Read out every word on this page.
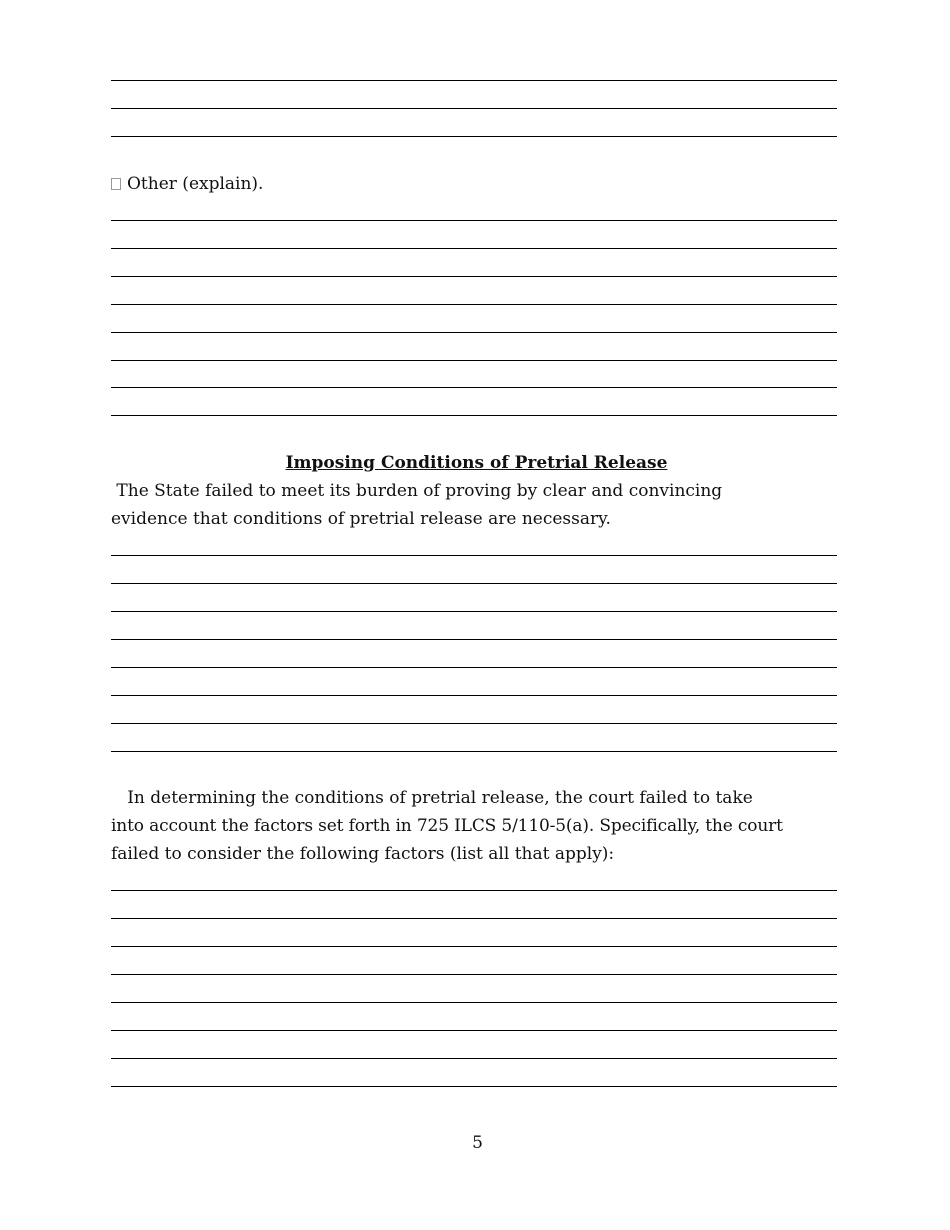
Other (explain).
Imposing Conditions of Pretrial Release
The State failed to meet its burden of proving by clear and convincing
evidence that conditions of pretrial release are necessary.
In determining the conditions of pretrial release, the court failed to take
into account the factors set forth in 725 ILCS 5/110-5(a). Specifically, the court
failed to consider the following factors (list all that apply):
5
